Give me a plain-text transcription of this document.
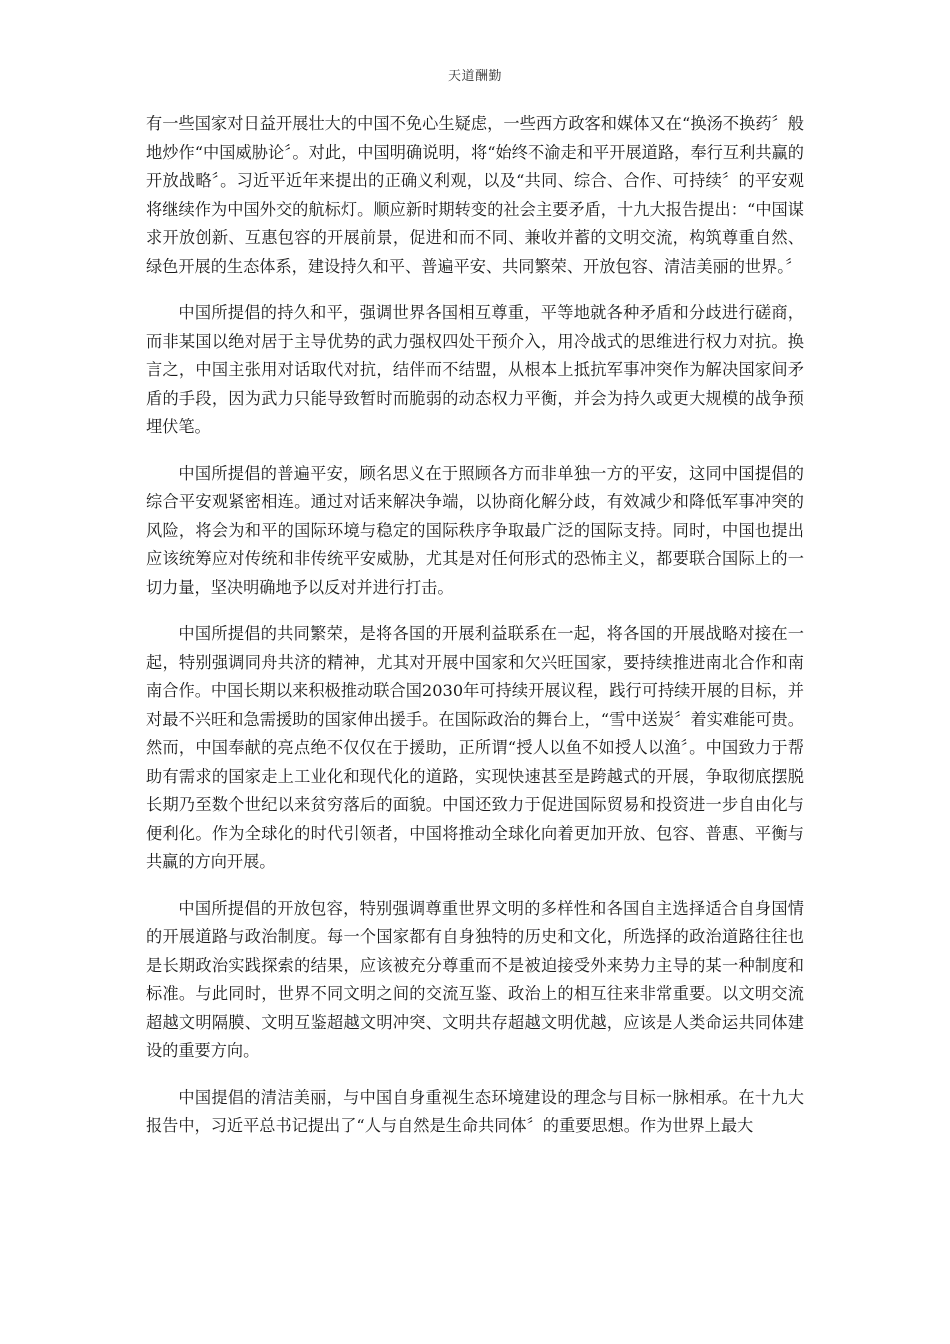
天道酬勤

有一些国家对日益开展壮大的中国不免心生疑虑，一些西方政客和媒体又在“换汤不换药〞般地炒作“中国威胁论〞。对此，中国明确说明，将“始终不渝走和平开展道路，奉行互利共赢的开放战略〞。习近平近年来提出的正确义利观，以及“共同、综合、合作、可持续〞的平安观将继续作为中国外交的航标灯。顺应新时期转变的社会主要矛盾，十九大报告提出：“中国谋求开放创新、互惠包容的开展前景，促进和而不同、兼收并蓄的文明交流，构筑尊重自然、绿色开展的生态体系，建设持久和平、普遍平安、共同繁荣、开放包容、清洁美丽的世界。〞

中国所提倡的持久和平，强调世界各国相互尊重，平等地就各种矛盾和分歧进行磋商，而非某国以绝对居于主导优势的武力强权四处干预介入，用冷战式的思维进行权力对抗。换言之，中国主张用对话取代对抗，结伴而不结盟，从根本上抵抗军事冲突作为解决国家间矛盾的手段，因为武力只能导致暂时而脆弱的动态权力平衡，并会为持久或更大规模的战争预埋伏笔。

中国所提倡的普遍平安，顾名思义在于照顾各方而非单独一方的平安，这同中国提倡的综合平安观紧密相连。通过对话来解决争端，以协商化解分歧，有效减少和降低军事冲突的风险，将会为和平的国际环境与稳定的国际秩序争取最广泛的国际支持。同时，中国也提出应该统筹应对传统和非传统平安威胁，尤其是对任何形式的恐怖主义，都要联合国际上的一切力量，坚决明确地予以反对并进行打击。

中国所提倡的共同繁荣，是将各国的开展利益联系在一起，将各国的开展战略对接在一起，特别强调同舟共济的精神，尤其对开展中国家和欠兴旺国家，要持续推进南北合作和南南合作。中国长期以来积极推动联合国2030年可持续开展议程，践行可持续开展的目标，并对最不兴旺和急需援助的国家伸出援手。在国际政治的舞台上，“雪中送炭〞着实难能可贵。然而，中国奉献的亮点绝不仅仅在于援助，正所谓“授人以鱼不如授人以渔〞。中国致力于帮助有需求的国家走上工业化和现代化的道路，实现快速甚至是跨越式的开展，争取彻底摆脱长期乃至数个世纪以来贫穷落后的面貌。中国还致力于促进国际贸易和投资进一步自由化与便利化。作为全球化的时代引领者，中国将推动全球化向着更加开放、包容、普惠、平衡与共赢的方向开展。

中国所提倡的开放包容，特别强调尊重世界文明的多样性和各国自主选择适合自身国情的开展道路与政治制度。每一个国家都有自身独特的历史和文化，所选择的政治道路往往也是长期政治实践探索的结果，应该被充分尊重而不是被迫接受外来势力主导的某一种制度和标准。与此同时，世界不同文明之间的交流互鉴、政治上的相互往来非常重要。以文明交流超越文明隔膜、文明互鉴超越文明冲突、文明共存超越文明优越，应该是人类命运共同体建设的重要方向。

中国提倡的清洁美丽，与中国自身重视生态环境建设的理念与目标一脉相承。在十九大报告中，习近平总书记提出了“人与自然是生命共同体〞的重要思想。作为世界上最大
